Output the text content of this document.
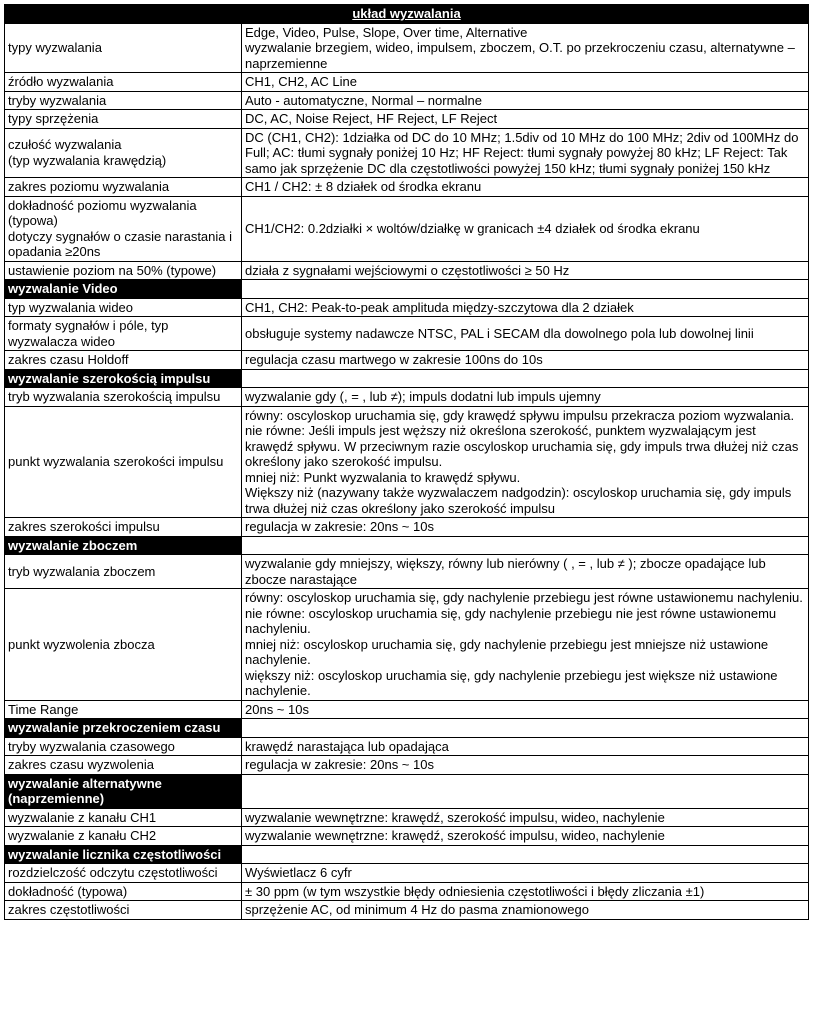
układ wyzwalania	
typy wyzwalania	Edge, Video, Pulse, Slope, Over time, Alternative
wyzwalanie brzegiem, wideo, impulsem, zboczem, O.T. po przekroczeniu czasu, alternatywne – naprzemienne
źródło wyzwalania	CH1, CH2, AC Line
tryby wyzwalania	Auto - automatyczne, Normal – normalne
typy sprzężenia	DC, AC, Noise Reject, HF Reject, LF Reject
czułość wyzwalania
(typ wyzwalania krawędzią)	DC (CH1, CH2): 1działka od DC do 10 MHz; 1.5div od 10 MHz do 100 MHz; 2div od 100MHz do Full; AC: tłumi sygnały poniżej 10 Hz; HF Reject: tłumi sygnały powyżej 80 kHz; LF Reject: Tak samo jak sprzężenie DC dla częstotliwości powyżej 150 kHz; tłumi sygnały poniżej 150 kHz
zakres poziomu wyzwalania	CH1 / CH2: ± 8 działek od środka ekranu
dokładność poziomu wyzwalania (typowa)
dotyczy sygnałów o czasie narastania i opadania ≥20ns	CH1/CH2: 0.2działki × woltów/działkę w granicach ±4 działek od środka ekranu
ustawienie poziom na 50% (typowe)	działa z sygnałami wejściowymi o częstotliwości ≥ 50 Hz
wyzwalanie Video	
typ wyzwalania wideo	CH1, CH2: Peak-to-peak amplituda między-szczytowa dla 2 działek
formaty sygnałów i póle, typ wyzwalacza wideo	obsługuje systemy nadawcze NTSC, PAL i SECAM dla dowolnego pola lub dowolnej linii
zakres czasu Holdoff	regulacja czasu martwego w zakresie 100ns do 10s
wyzwalanie szerokością impulsu	
tryb wyzwalania szerokością impulsu	wyzwalanie gdy (, = , lub ≠); impuls dodatni lub impuls ujemny
punkt wyzwalania szerokości impulsu	równy: oscyloskop uruchamia się, gdy krawędź spływu impulsu przekracza poziom wyzwalania.
nie równe: Jeśli impuls jest węższy niż określona szerokość, punktem wyzwalającym jest krawędź spływu. W przeciwnym razie oscyloskop uruchamia się, gdy impuls trwa dłużej niż czas określony jako szerokość impulsu.
mniej niż: Punkt wyzwalania to krawędź spływu.
Większy niż (nazywany także wyzwalaczem nadgodzin): oscyloskop uruchamia się, gdy impuls trwa dłużej niż czas określony jako szerokość impulsu
zakres szerokości impulsu	regulacja w zakresie: 20ns ~ 10s
wyzwalanie zboczem	
tryb wyzwalania zboczem	wyzwalanie gdy mniejszy, większy, równy lub nierówny ( , = , lub ≠ ); zbocze opadające lub zbocze narastające
punkt wyzwolenia zbocza	równy: oscyloskop uruchamia się, gdy nachylenie przebiegu jest równe ustawionemu nachyleniu.
nie równe: oscyloskop uruchamia się, gdy nachylenie przebiegu nie jest równe ustawionemu nachyleniu.
mniej niż: oscyloskop uruchamia się, gdy nachylenie przebiegu jest mniejsze niż ustawione nachylenie.
większy niż: oscyloskop uruchamia się, gdy nachylenie przebiegu jest większe niż ustawione nachylenie.
Time Range	20ns ~ 10s
wyzwalanie przekroczeniem czasu	
tryby wyzwalania czasowego	krawędź narastająca lub opadająca
zakres czasu wyzwolenia	regulacja w zakresie: 20ns ~ 10s
wyzwalanie alternatywne (naprzemienne)	
wyzwalanie z kanału CH1	wyzwalanie wewnętrzne: krawędź, szerokość impulsu, wideo, nachylenie
wyzwalanie z kanału CH2	wyzwalanie wewnętrzne: krawędź, szerokość impulsu, wideo, nachylenie
wyzwalanie licznika częstotliwości	
rozdzielczość odczytu częstotliwości	Wyświetlacz 6 cyfr
dokładność (typowa)	± 30 ppm (w tym wszystkie błędy odniesienia częstotliwości i błędy zliczania ±1)
zakres częstotliwości	sprzężenie AC, od minimum 4 Hz do pasma znamionowego
